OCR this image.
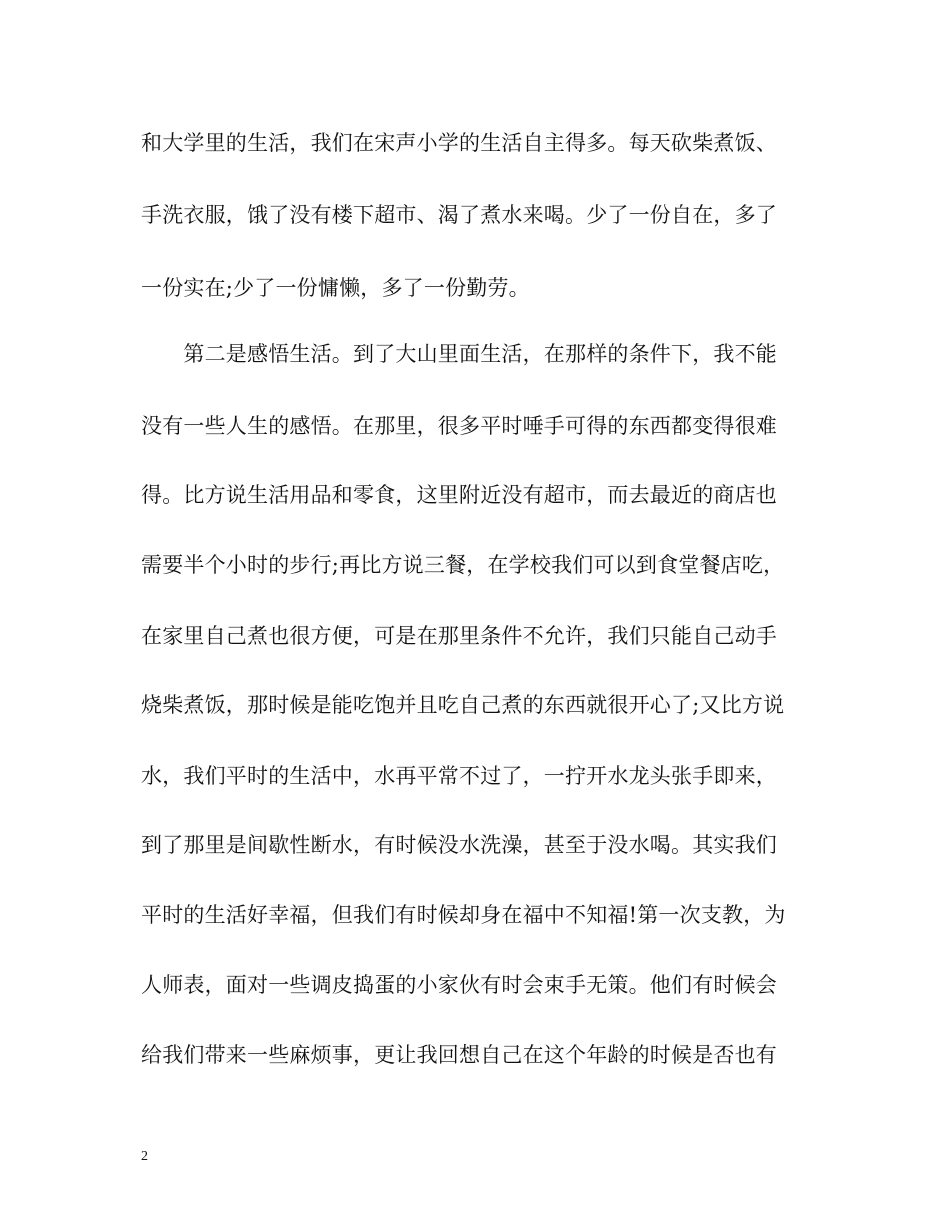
和大学里的生活，我们在宋声小学的生活自主得多。每天砍柴煮饭、
手洗衣服，饿了没有楼下超市、渴了煮水来喝。少了一份自在，多了
一份实在;少了一份慵懒，多了一份勤劳。
　　第二是感悟生活。到了大山里面生活，在那样的条件下，我不能
没有一些人生的感悟。在那里，很多平时唾手可得的东西都变得很难
得。比方说生活用品和零食，这里附近没有超市，而去最近的商店也
需要半个小时的步行;再比方说三餐，在学校我们可以到食堂餐店吃，
在家里自己煮也很方便，可是在那里条件不允许，我们只能自己动手
烧柴煮饭，那时候是能吃饱并且吃自己煮的东西就很开心了;又比方说
水，我们平时的生活中，水再平常不过了，一拧开水龙头张手即来，
到了那里是间歇性断水，有时候没水洗澡，甚至于没水喝。其实我们
平时的生活好幸福，但我们有时候却身在福中不知福!第一次支教，为
人师表，面对一些调皮捣蛋的小家伙有时会束手无策。他们有时候会
给我们带来一些麻烦事，更让我回想自己在这个年龄的时候是否也有
2
